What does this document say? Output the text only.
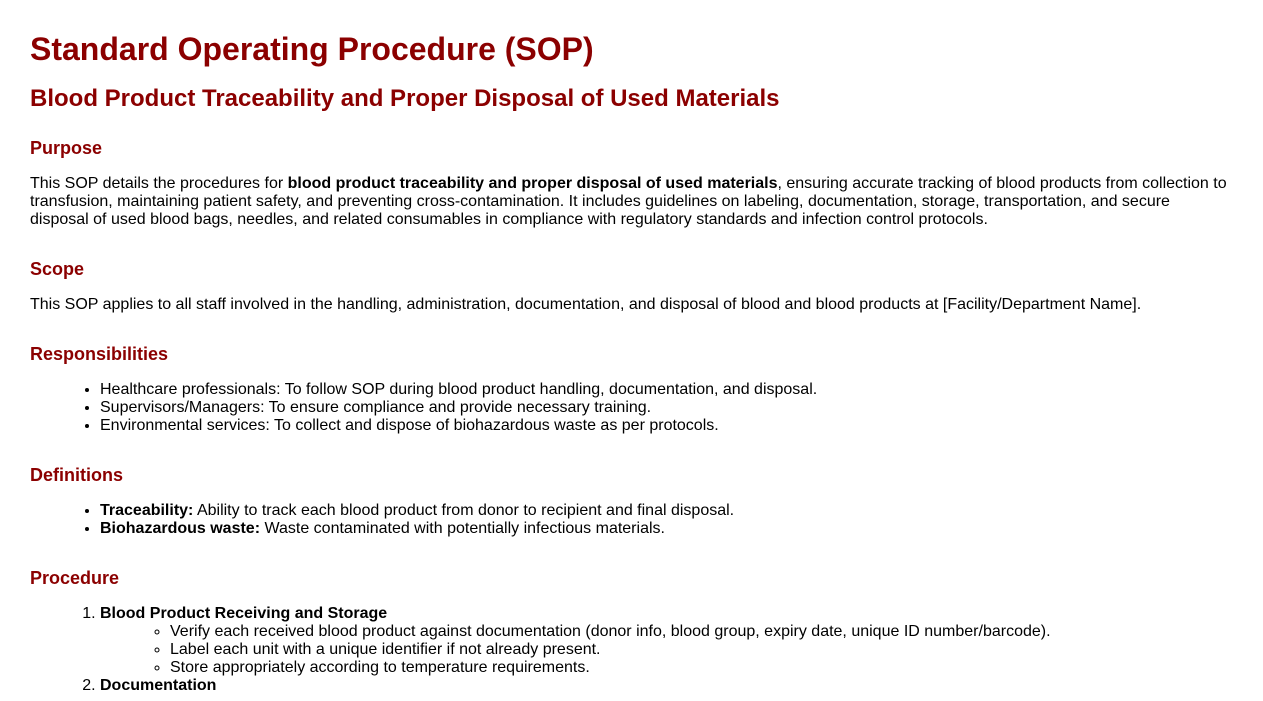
Standard Operating Procedure (SOP)
Blood Product Traceability and Proper Disposal of Used Materials
Purpose

This SOP details the procedures for blood product traceability and proper disposal of used materials, ensuring accurate tracking of blood products from collection to transfusion, maintaining patient safety, and preventing cross-contamination. It includes guidelines on labeling, documentation, storage, transportation, and secure disposal of used blood bags, needles, and related consumables in compliance with regulatory standards and infection control protocols.

Scope

This SOP applies to all staff involved in the handling, administration, documentation, and disposal of blood and blood products at [Facility/Department Name].

Responsibilities
• Healthcare professionals: To follow SOP during blood product handling, documentation, and disposal.
• Supervisors/Managers: To ensure compliance and provide necessary training.
• Environmental services: To collect and dispose of biohazardous waste as per protocols.
Definitions
• Traceability: Ability to track each blood product from donor to recipient and final disposal.
• Biohazardous waste: Waste contaminated with potentially infectious materials.
Procedure
1. Blood Product Receiving and Storage
◦ Verify each received blood product against documentation (donor info, blood group, expiry date, unique ID number/barcode).
◦ Label each unit with a unique identifier if not already present.
◦ Store appropriately according to temperature requirements.
2. Documentation
